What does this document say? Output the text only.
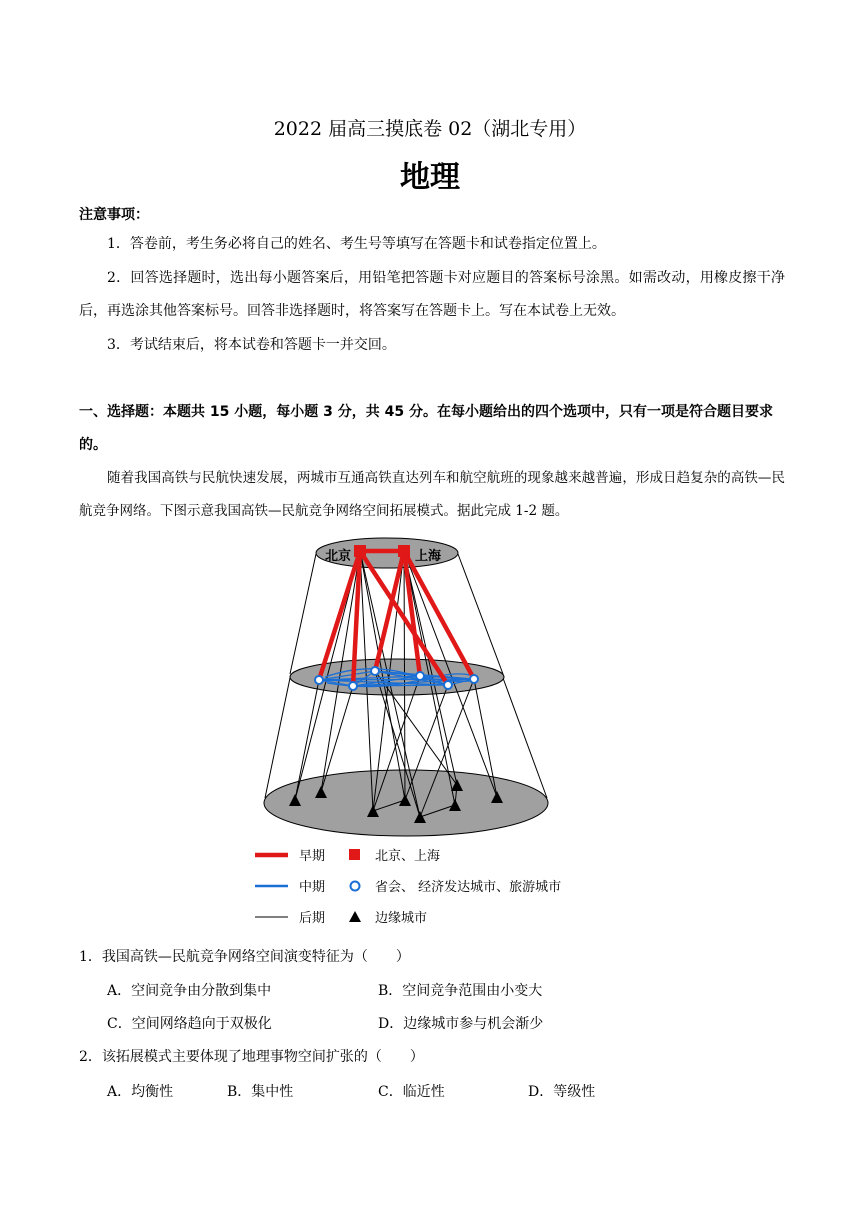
2022 届高三摸底卷 02（湖北专用）
地理
注意事项：
1．答卷前，考生务必将自己的姓名、考生号等填写在答题卡和试卷指定位置上。
2．回答选择题时，选出每小题答案后，用铅笔把答题卡对应题目的答案标号涂黑。如需改动，用橡皮擦干净后，再选涂其他答案标号。回答非选择题时，将答案写在答题卡上。写在本试卷上无效。
3．考试结束后，将本试卷和答题卡一并交回。
一、选择题：本题共 15 小题，每小题 3 分，共 45 分。在每小题给出的四个选项中，只有一项是符合题目要求的。
随着我国高铁与民航快速发展，两城市互通高铁直达列车和航空航班的现象越来越普遍，形成日趋复杂的高铁—民航竞争网络。下图示意我国高铁—民航竞争网络空间拓展模式。据此完成 1-2 题。
北京	上海
早期	北京、上海
中期	省会、 经济发达城市、旅游城市
后期	边缘城市
1．我国高铁—民航竞争网络空间演变特征为（　　）
A．空间竞争由分散到集中	B．空间竞争范围由小变大
C．空间网络趋向于双极化	D．边缘城市参与机会渐少
2．该拓展模式主要体现了地理事物空间扩张的（　　）
A．均衡性	B．集中性	C．临近性	D．等级性
